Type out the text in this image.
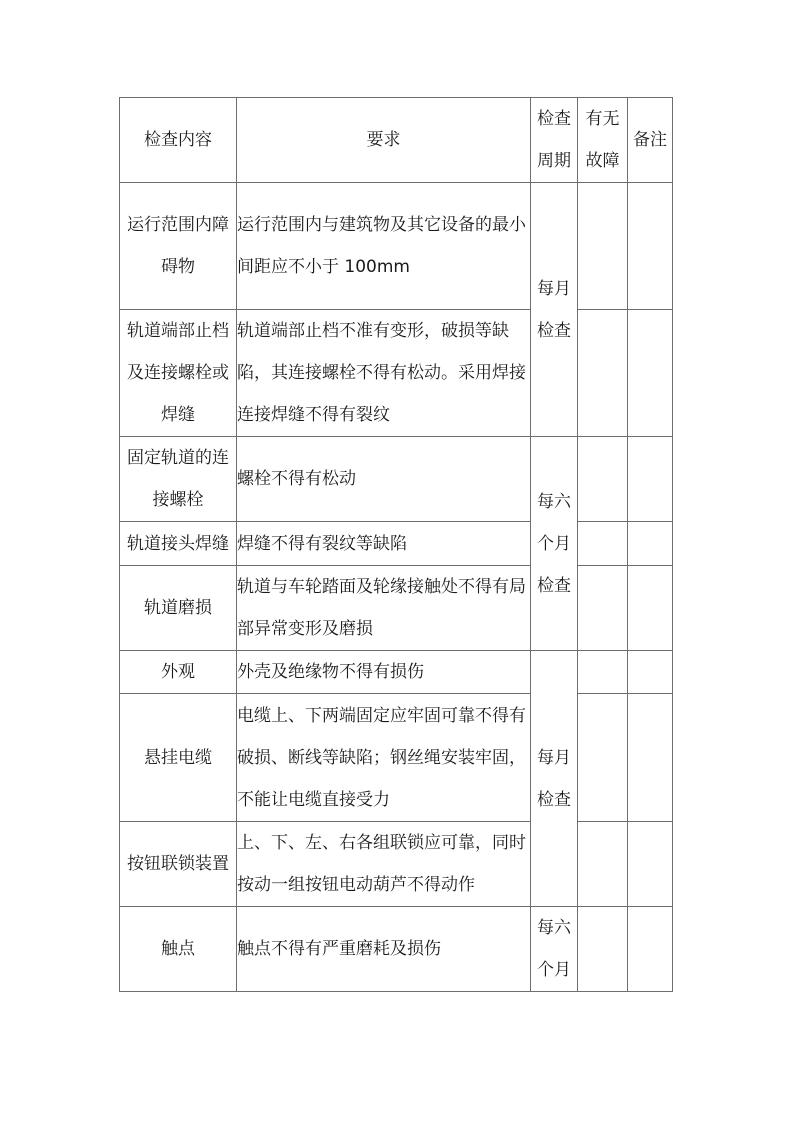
检查内容	要求	检查周期	有无故障	备注
运行范围内障碍物	运行范围内与建筑物及其它设备的最小间距应不小于 100mm	每月检查		
轨道端部止档及连接螺栓或焊缝	轨道端部止档不准有变形，破损等缺陷，其连接螺栓不得有松动。采用焊接连接焊缝不得有裂纹			
固定轨道的连接螺栓	螺栓不得有松动	每六个月检查		
轨道接头焊缝	焊缝不得有裂纹等缺陷			
轨道磨损	轨道与车轮踏面及轮缘接触处不得有局部异常变形及磨损			
外观	外壳及绝缘物不得有损伤	每月检查		
悬挂电缆	电缆上、下两端固定应牢固可靠不得有破损、断线等缺陷；钢丝绳安装牢固，不能让电缆直接受力			
按钮联锁装置	上、下、左、右各组联锁应可靠，同时按动一组按钮电动葫芦不得动作			
触点	触点不得有严重磨耗及损伤	每六个月		
